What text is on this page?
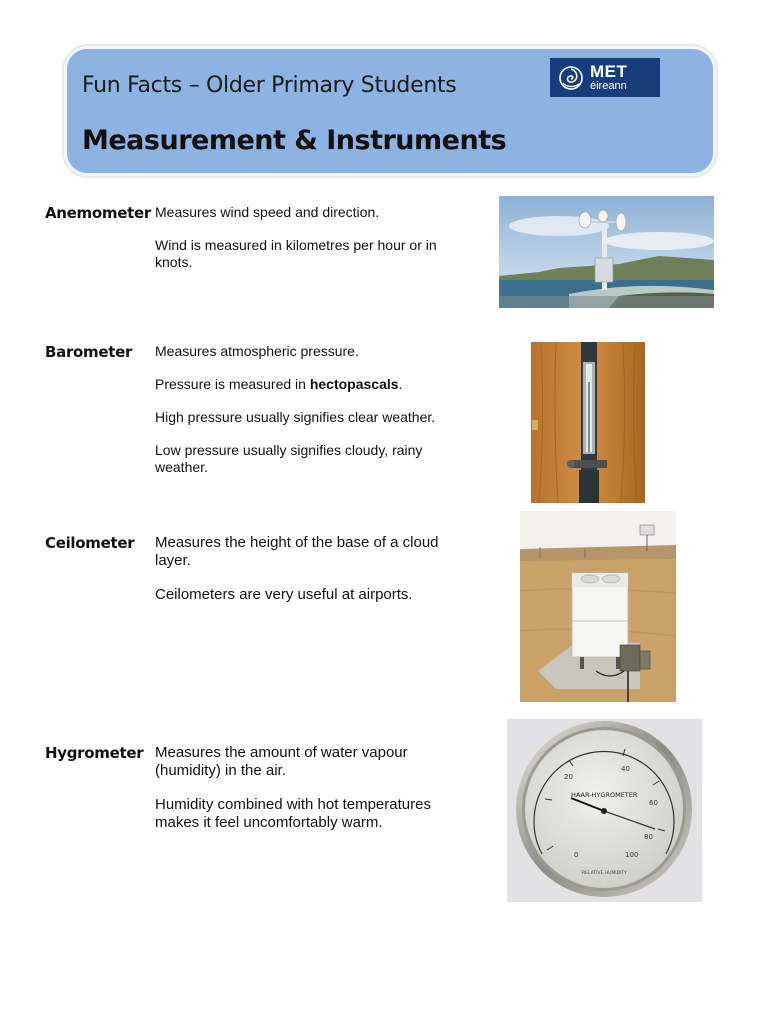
Fun Facts – Older Primary Students
Measurement & Instruments
MET
éireann
Anemometer Measures wind speed and direction.

Wind is measured in kilometres per hour or in knots.

Barometer Measures atmospheric pressure.

Pressure is measured in hectopascals.

High pressure usually signifies clear weather.

Low pressure usually signifies cloudy, rainy weather.

Ceilometer Measures the height of the base of a cloud layer.

Ceilometers are very useful at airports.

Hygrometer Measures the amount of water vapour (humidity) in the air.

Humidity combined with hot temperatures makes it feel uncomfortably warm.

0
20
40
60
80
100
HAAR-HYGROMETER
RELATIVE HUMIDITY
